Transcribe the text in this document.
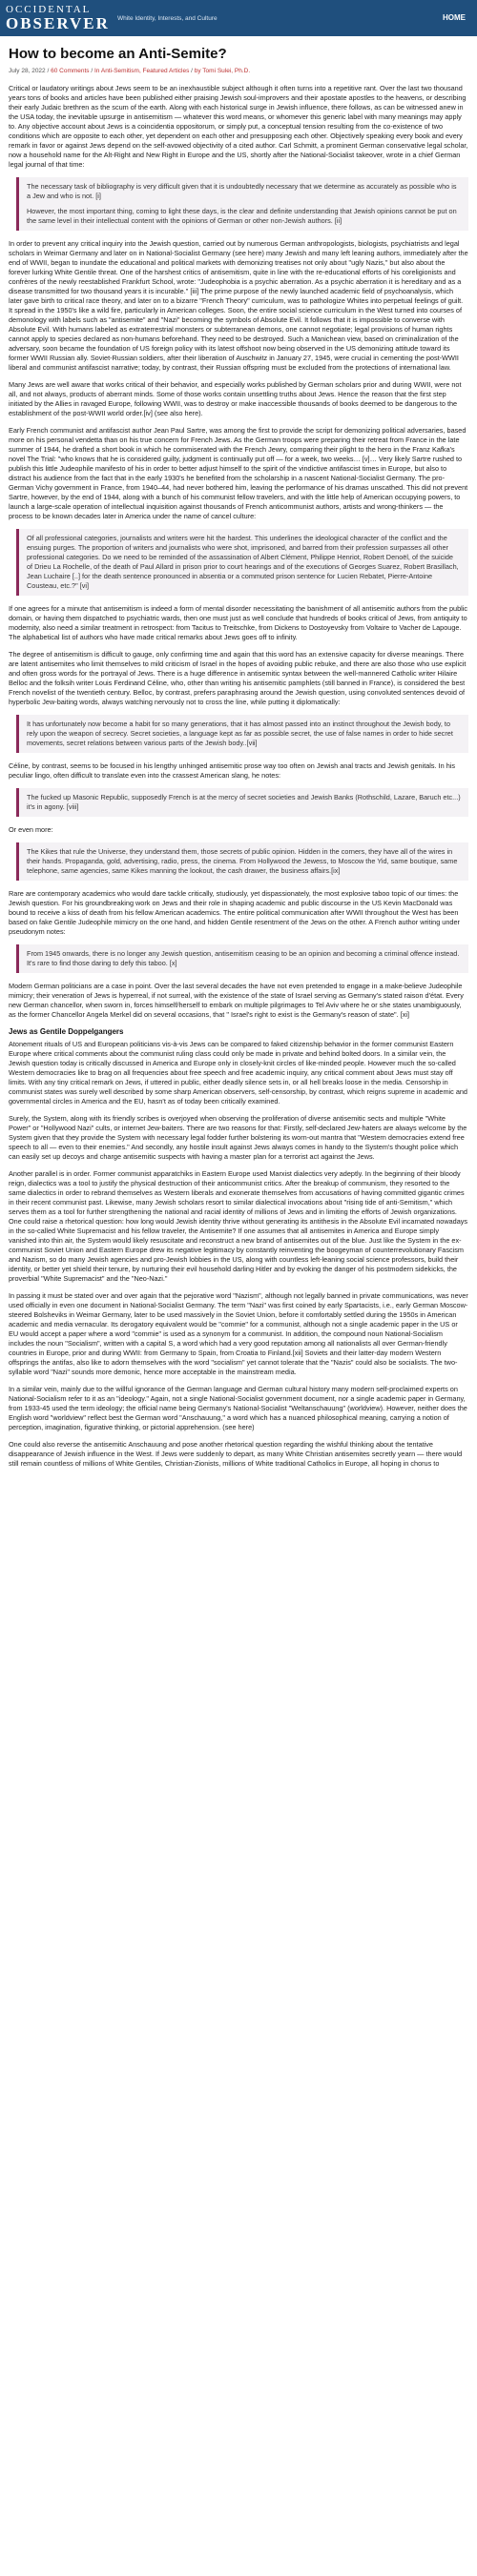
OCCIDENTAL
OBSERVER White Identity, Interests, and Culture	HOME
How to become an Anti-Semite?
July 28, 2022 / 60 Comments / In Anti-Semitism, Featured Articles / by Tomi Sulei, Ph.D.

Critical or laudatory writings about Jews seem to be an inexhaustible subject although it often turns into a repetitive rant. Over the last two thousand years tons of books and articles have been published either praising Jewish soul-improvers and their apostate apostles to the heavens, or describing their early Judaic brethren as the scum of the earth. Along with each historical surge in Jewish influence, there follows, as can be witnessed anew in the USA today, the inevitable upsurge in antisemitism — whatever this word means, or whomever this generic label with many meanings may apply to. Any objective account about Jews is a coincidentia oppositorum, or simply put, a conceptual tension resulting from the co-existence of two conditions which are opposite to each other, yet dependent on each other and presupposing each other. Objectively speaking every book and every remark in favor or against Jews depend on the self-avowed objectivity of a cited author. Carl Schmitt, a prominent German conservative legal scholar, now a household name for the Alt-Right and New Right in Europe and the US, shortly after the National-Socialist takeover, wrote in a chief German legal journal of that time:

The necessary task of bibliography is very difficult given that it is undoubtedly necessary that we determine as accurately as possible who is a Jew and who is not. [i]

However, the most important thing, coming to light these days, is the clear and definite understanding that Jewish opinions cannot be put on the same level in their intellectual content with the opinions of German or other non-Jewish authors. [ii]

In order to prevent any critical inquiry into the Jewish question, carried out by numerous German anthropologists, biologists, psychiatrists and legal scholars in Weimar Germany and later on in National-Socialist Germany (see here) many Jewish and many left leaning authors, immediately after the end of WWII, began to inundate the educational and political markets with demonizing treatises not only about "ugly Nazis," but also about the forever lurking White Gentile threat. One of the harshest critics of antisemitism, quite in line with the re-educational efforts of his coreligionists and confrères of the newly reestablished Frankfurt School, wrote: "Judeophobia is a psychic aberration. As a psychic aberration it is hereditary and as a disease transmitted for two thousand years it is incurable." [iii] The prime purpose of the newly launched academic field of psychoanalysis, which later gave birth to critical race theory, and later on to a bizarre "French Theory" curriculum, was to pathologize Whites into perpetual feelings of guilt. It spread in the 1950's like a wild fire, particularly in American colleges. Soon, the entire social science curriculum in the West turned into courses of demonology with labels such as "antisemite" and "Nazi" becoming the symbols of Absolute Evil. It follows that it is impossible to converse with Absolute Evil. With humans labeled as extraterrestrial monsters or subterranean demons, one cannot negotiate; legal provisions of human rights cannot apply to species declared as non-humans beforehand. They need to be destroyed. Such a Manichean view, based on criminalization of the adversary, soon became the foundation of US foreign policy with its latest offshoot now being observed in the US demonizing attitude toward its former WWII Russian ally. Soviet-Russian soldiers, after their liberation of Auschwitz in January 27, 1945, were crucial in cementing the post-WWII liberal and communist antifascist narrative; today, by contrast, their Russian offspring must be excluded from the protections of international law.

Many Jews are well aware that works critical of their behavior, and especially works published by German scholars prior and during WWII, were not all, and not always, products of aberrant minds. Some of those works contain unsettling truths about Jews. Hence the reason that the first step initiated by the Allies in ravaged Europe, following WWII, was to destroy or make inaccessible thousands of books deemed to be dangerous to the establishment of the post-WWII world order.[iv] (see also here).

Early French communist and antifascist author Jean Paul Sartre, was among the first to provide the script for demonizing political adversaries, based more on his personal vendetta than on his true concern for French Jews. As the German troops were preparing their retreat from France in the late summer of 1944, he drafted a short book in which he commiserated with the French Jewry, comparing their plight to the hero in the Franz Kafka's novel The Trial: "who knows that he is considered guilty, judgment is continually put off — for a week, two weeks… [v]… Very likely Sartre rushed to publish this little Judeophile manifesto of his in order to better adjust himself to the spirit of the vindictive antifascist times in Europe, but also to distract his audience from the fact that in the early 1930's he benefited from the scholarship in a nascent National-Socialist Germany. The pro-German Vichy government in France, from 1940–44, had never bothered him, leaving the performance of his dramas unscathed. This did not prevent Sartre, however, by the end of 1944, along with a bunch of his communist fellow travelers, and with the little help of American occupying powers, to launch a large-scale operation of intellectual inquisition against thousands of French anticommunist authors, artists and wrong-thinkers — the process to be known decades later in America under the name of cancel culture:

Of all professional categories, journalists and writers were hit the hardest. This underlines the ideological character of the conflict and the ensuing purges. The proportion of writers and journalists who were shot, imprisoned, and barred from their profession surpasses all other professional categories. Do we need to be reminded of the assassination of Albert Clément, Philippe Henriot, Robert Denoël, of the suicide of Drieu La Rochelle, of the death of Paul Allard in prison prior to court hearings and of the executions of Georges Suarez, Robert Brasillach, Jean Luchaire [..] for the death sentence pronounced in absentia or a commuted prison sentence for Lucien Rebatet, Pierre-Antoine Cousteau, etc.?" [vi]

If one agrees for a minute that antisemitism is indeed a form of mental disorder necessitating the banishment of all antisemitic authors from the public domain, or having them dispatched to psychiatric wards, then one must just as well conclude that hundreds of books critical of Jews, from antiquity to modernity, also need a similar treatment in retrospect: from Tacitus to Treitschke, from Dickens to Dostoyevsky from Voltaire to Vacher de Lapouge. The alphabetical list of authors who have made critical remarks about Jews goes off to infinity.

The degree of antisemitism is difficult to gauge, only confirming time and again that this word has an extensive capacity for diverse meanings. There are latent antisemites who limit themselves to mild criticism of Israel in the hopes of avoiding public rebuke, and there are also those who use explicit and often gross words for the portrayal of Jews. There is a huge difference in antisemitic syntax between the well-mannered Catholic writer Hilaire Belloc and the folksih writer Louis Ferdinand Céline, who, other than writing his antisemitic pamphlets (still banned in France), is considered the best French novelist of the twentieth century. Belloc, by contrast, prefers paraphrasing around the Jewish question, using convoluted sentences devoid of hyperbolic Jew-baiting words, always watching nervously not to cross the line, while putting it diplomatically:

It has unfortunately now become a habit for so many generations, that it has almost passed into an instinct throughout the Jewish body, to rely upon the weapon of secrecy. Secret societies, a language kept as far as possible secret, the use of false names in order to hide secret movements, secret relations between various parts of the Jewish body..[vii]

Céline, by contrast, seems to be focused in his lengthy unhinged antisemitic prose way too often on Jewish anal tracts and Jewish genitals. In his peculiar lingo, often difficult to translate even into the crassest American slang, he notes:

The fucked up Masonic Republic, supposedly French is at the mercy of secret societies and Jewish Banks (Rothschild, Lazare, Baruch etc...) it's in agony. [viii]

Or even more:

The Kikes that rule the Universe, they understand them, those secrets of public opinion. Hidden in the corners, they have all of the wires in their hands. Propaganda, gold, advertising, radio, press, the cinema. From Hollywood the Jewess, to Moscow the Yid, same boutique, same telephone, same agencies, same Kikes manning the lookout, the cash drawer, the business affairs.[ix]

Rare are contemporary academics who would dare tackle critically, studiously, yet dispassionately, the most explosive taboo topic of our times: the Jewish question. For his groundbreaking work on Jews and their role in shaping academic and public discourse in the US Kevin MacDonald was bound to receive a kiss of death from his fellow American academics. The entire political communication after WWII throughout the West has been based on fake Gentile Judeophile mimicry on the one hand, and hidden Gentile resentment of the Jews on the other. A French author writing under pseudonym notes:

From 1945 onwards, there is no longer any Jewish question, antisemitism ceasing to be an opinion and becoming a criminal offence instead. It's rare to find those daring to defy this taboo. [x]

Modern German politicians are a case in point. Over the last several decades the have not even pretended to engage in a make-believe Judeophile mimicry; their veneration of Jews is hyperreal, if not surreal, with the existence of the state of Israel serving as Germany's stated raison d'état. Every new German chancellor, when sworn in, forces himself/herself to embark on multiple pilgrimages to Tel Aviv where he or she states unambiguously, as the former Chancellor Angela Merkel did on several occasions, that " Israel's right to exist is the Germany's reason of state". [xi]

Jews as Gentile Doppelgangers

Atonement rituals of US and European politicians vis-à-vis Jews can be compared to faked citizenship behavior in the former communist Eastern Europe where critical comments about the communist ruling class could only be made in private and behind bolted doors. In a similar vein, the Jewish question today is critically discussed in America and Europe only in closely-knit circles of like-minded people. However much the so-called Western democracies like to brag on all frequencies about free speech and free academic inquiry, any critical comment about Jews must stay off limits. With any tiny critical remark on Jews, if uttered in public, either deadly silence sets in, or all hell breaks loose in the media. Censorship in communist states was surely well described by some sharp American observers, self-censorship, by contrast, which reigns supreme in academic and governmental circles in America and the EU, hasn't as of today been critically examined.

Surely, the System, along with its friendly scribes is overjoyed when observing the proliferation of diverse antisemitic sects and multiple "White Power" or "Hollywood Nazi" cults, or internet Jew-baiters. There are two reasons for that: Firstly, self-declared Jew-haters are always welcome by the System given that they provide the System with necessary legal fodder further bolstering its worn-out mantra that "Western democracies extend free speech to all — even to their enemies." And secondly, any hostile insult against Jews always comes in handy to the System's thought police which can easily set up decoys and charge antisemitic suspects with having a master plan for a terrorist act against the Jews.

Another parallel is in order. Former communist apparatchiks in Eastern Europe used Marxist dialectics very adeptly. In the beginning of their bloody reign, dialectics was a tool to justify the physical destruction of their anticommunist critics. After the breakup of communism, they resorted to the same dialectics in order to rebrand themselves as Western liberals and exonerate themselves from accusations of having committed gigantic crimes in their recent communist past. Likewise, many Jewish scholars resort to similar dialectical invocations about "rising tide of anti-Semitism," which serves them as a tool for further strengthening the national and racial identity of millions of Jews and in limiting the efforts of Jewish organizations. One could raise a rhetorical question: how long would Jewish identity thrive without generating its antithesis in the Absolute Evil incarnated nowadays in the so-called White Supremacist and his fellow traveler, the Antisemite? If one assumes that all antisemites in America and Europe simply vanished into thin air, the System would likely resuscitate and reconstruct a new brand of antisemites out of the blue. Just like the System in the ex-communist Soviet Union and Eastern Europe drew its negative legitimacy by constantly reinventing the boogeyman of counterrevolutionary Fascism and Nazism, so do many Jewish agencies and pro-Jewish lobbies in the US, along with countless left-leaning social science professors, build their identity, or better yet shield their tenure, by nurturing their evil household darling Hitler and by evoking the danger of his postmodern sidekicks, the proverbial "White Supremacist" and the "Neo-Nazi."

In passing it must be stated over and over again that the pejorative word "Nazism", although not legally banned in private communications, was never used officially in even one document in National-Socialist Germany. The term "Nazi" was first coined by early Spartacists, i.e., early German Moscow-steered Bolsheviks in Weimar Germany, later to be used massively in the Soviet Union, before it comfortably settled during the 1950s in American academic and media vernacular. Its derogatory equivalent would be "commie" for a communist, although not a single academic paper in the US or EU would accept a paper where a word "commie" is used as a synonym for a communist. In addition, the compound noun National-Socialism includes the noun "Socialism", written with a capital S, a word which had a very good reputation among all nationalists all over German-friendly countries in Europe, prior and during WWII: from Germany to Spain, from Croatia to Finland.[xii] Soviets and their latter-day modern Western offsprings the antifas, also like to adorn themselves with the word "socialism" yet cannot tolerate that the "Nazis" could also be socialists. The two-syllable word "Nazi" sounds more demonic, hence more acceptable in the mainstream media.

In a similar vein, mainly due to the willful ignorance of the German language and German cultural history many modern self-proclaimed experts on National-Socialism refer to it as an "ideology." Again, not a single National-Socialist government document, nor a single academic paper in Germany, from 1933-45 used the term ideology; the official name being Germany's National-Socialist "Weltanschauung" (worldview). However, neither does the English word "worldview" reflect best the German word "Anschauung," a word which has a nuanced philosophical meaning, carrying a notion of perception, imagination, figurative thinking, or pictorial apprehension. (see here)

One could also reverse the antisemitic Anschauung and pose another rhetorical question regarding the wishful thinking about the tentative disappearance of Jewish influence in the West. If Jews were suddenly to depart, as many White Christian antisemites secretly yearn — there would still remain countless of millions of White Gentiles, Christian-Zionists, millions of White traditional Catholics in Europe, all hoping in chorus to
